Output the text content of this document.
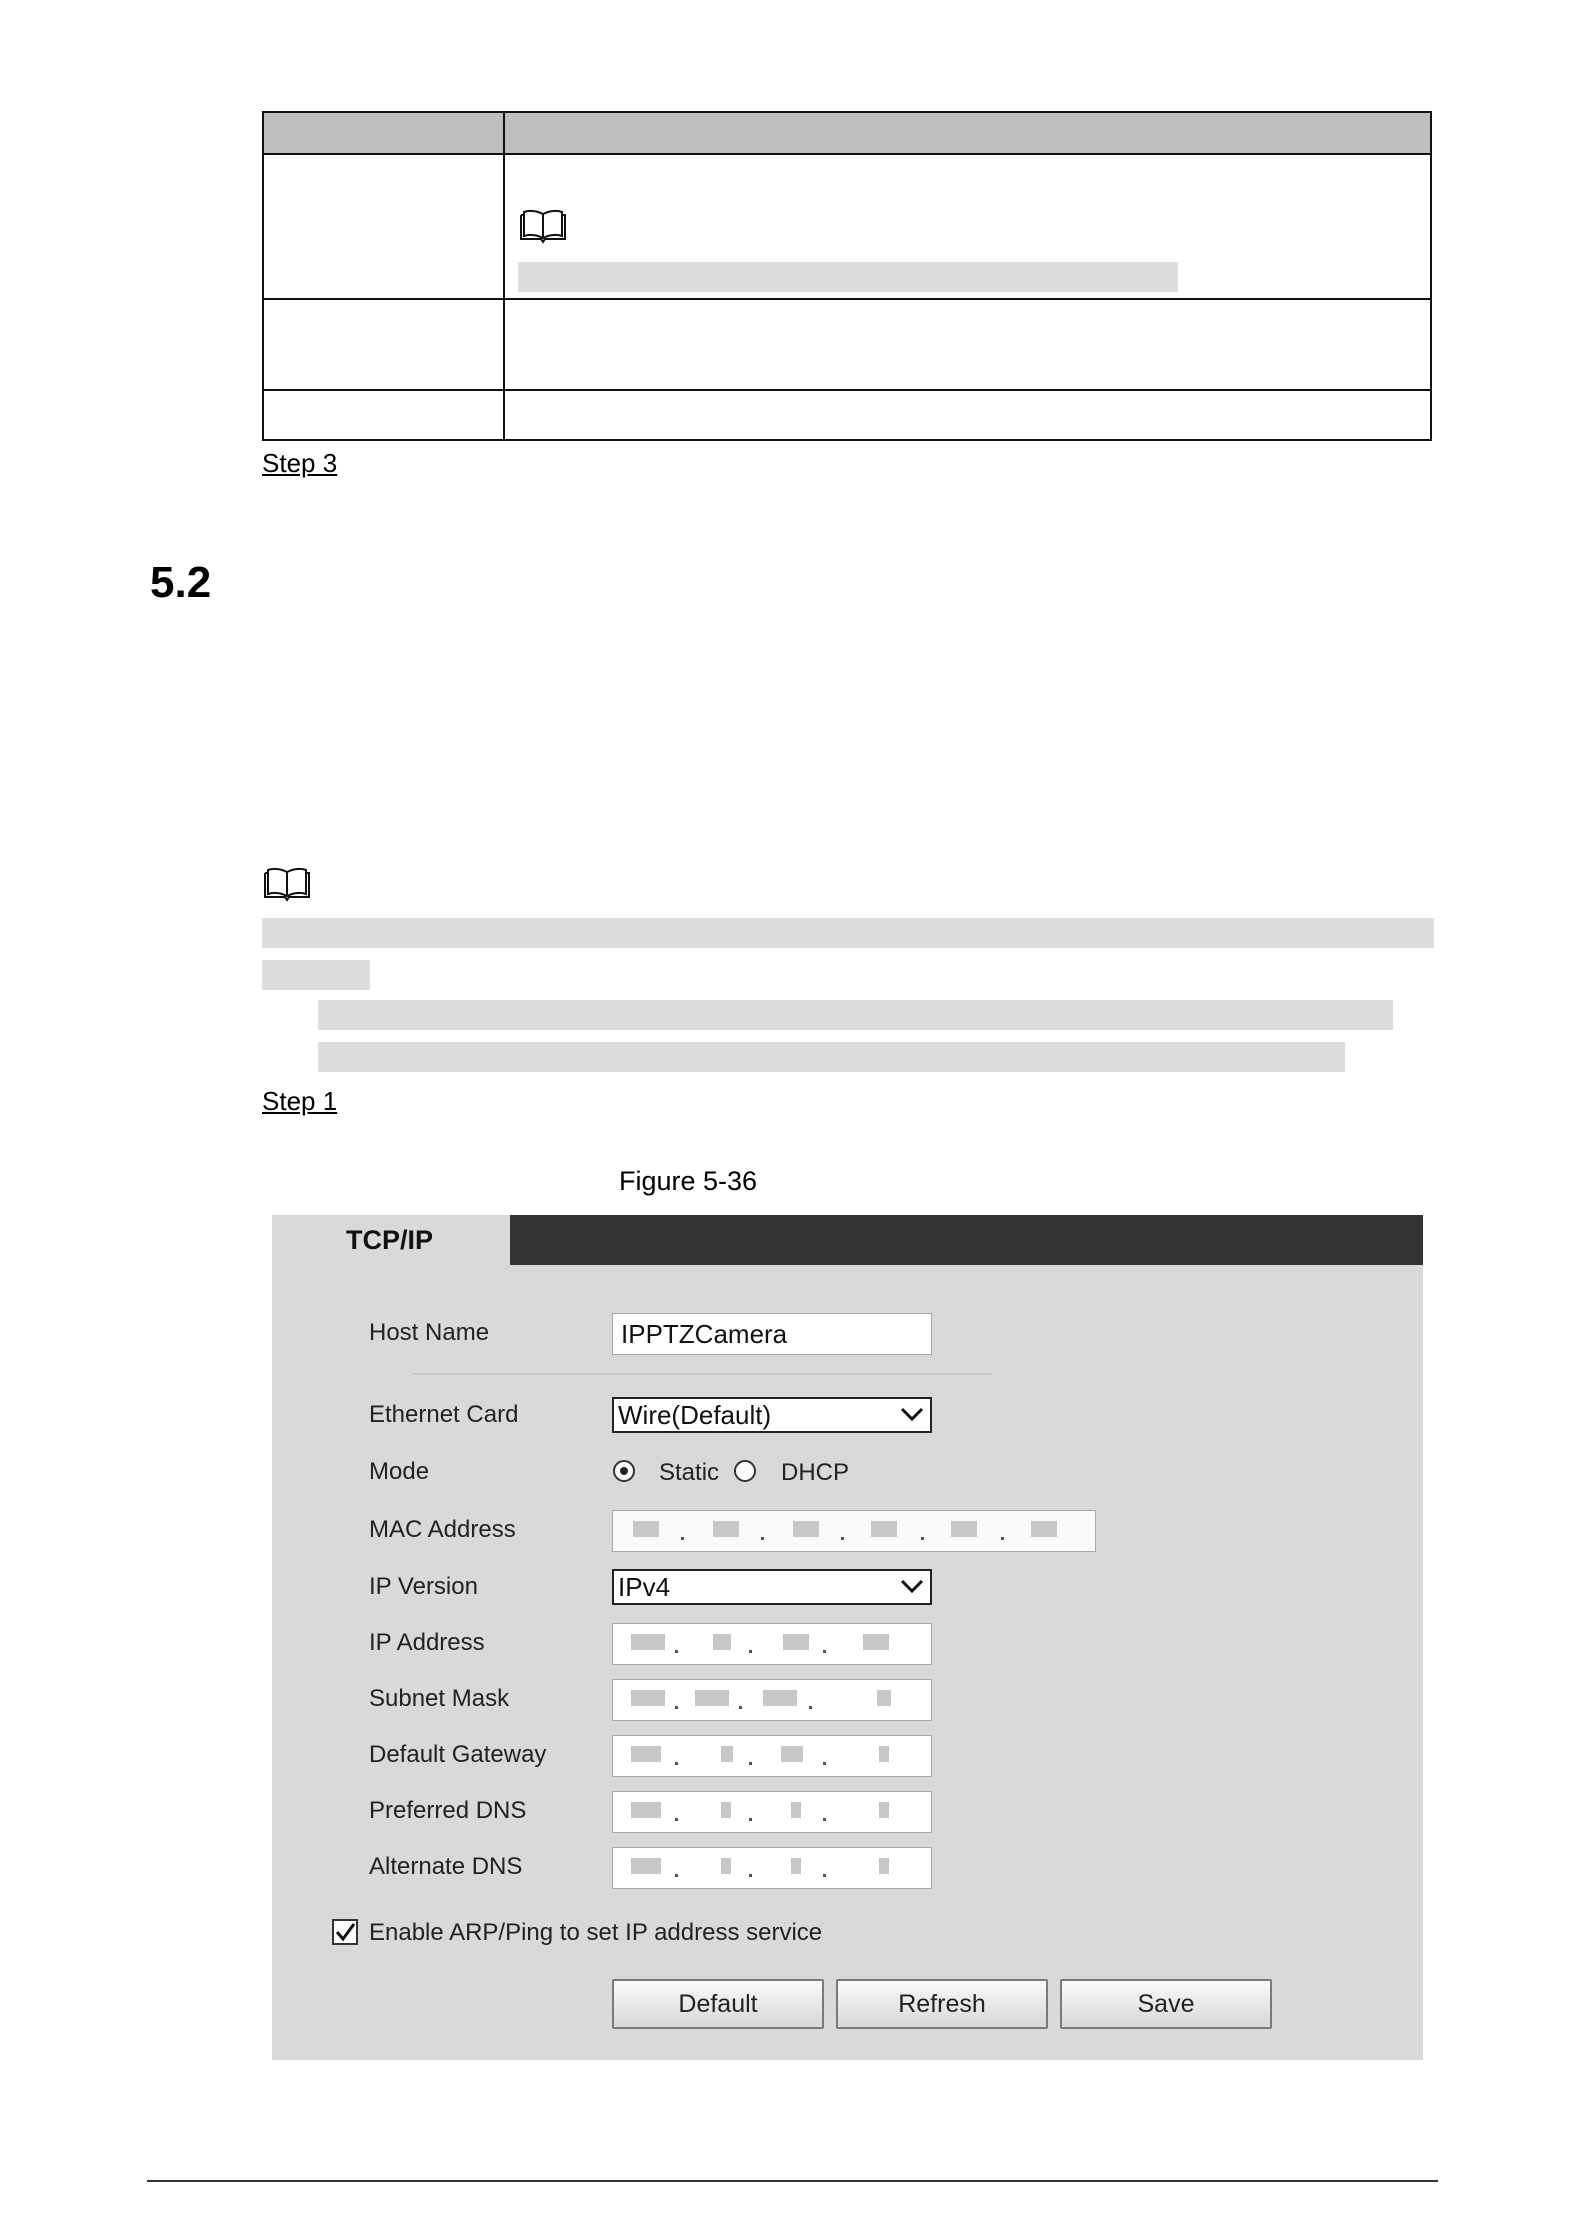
Step 3
5.2
Step 1
Figure 5-36
TCP/IP
Host Name	IPPTZCamera
Ethernet Card	Wire(Default)
Mode	Static	DHCP
MAC Address
IP Version	IPv4
IP Address
Subnet Mask
Default Gateway
Preferred DNS
Alternate DNS
Enable ARP/Ping to set IP address service
Default	Refresh	Save
